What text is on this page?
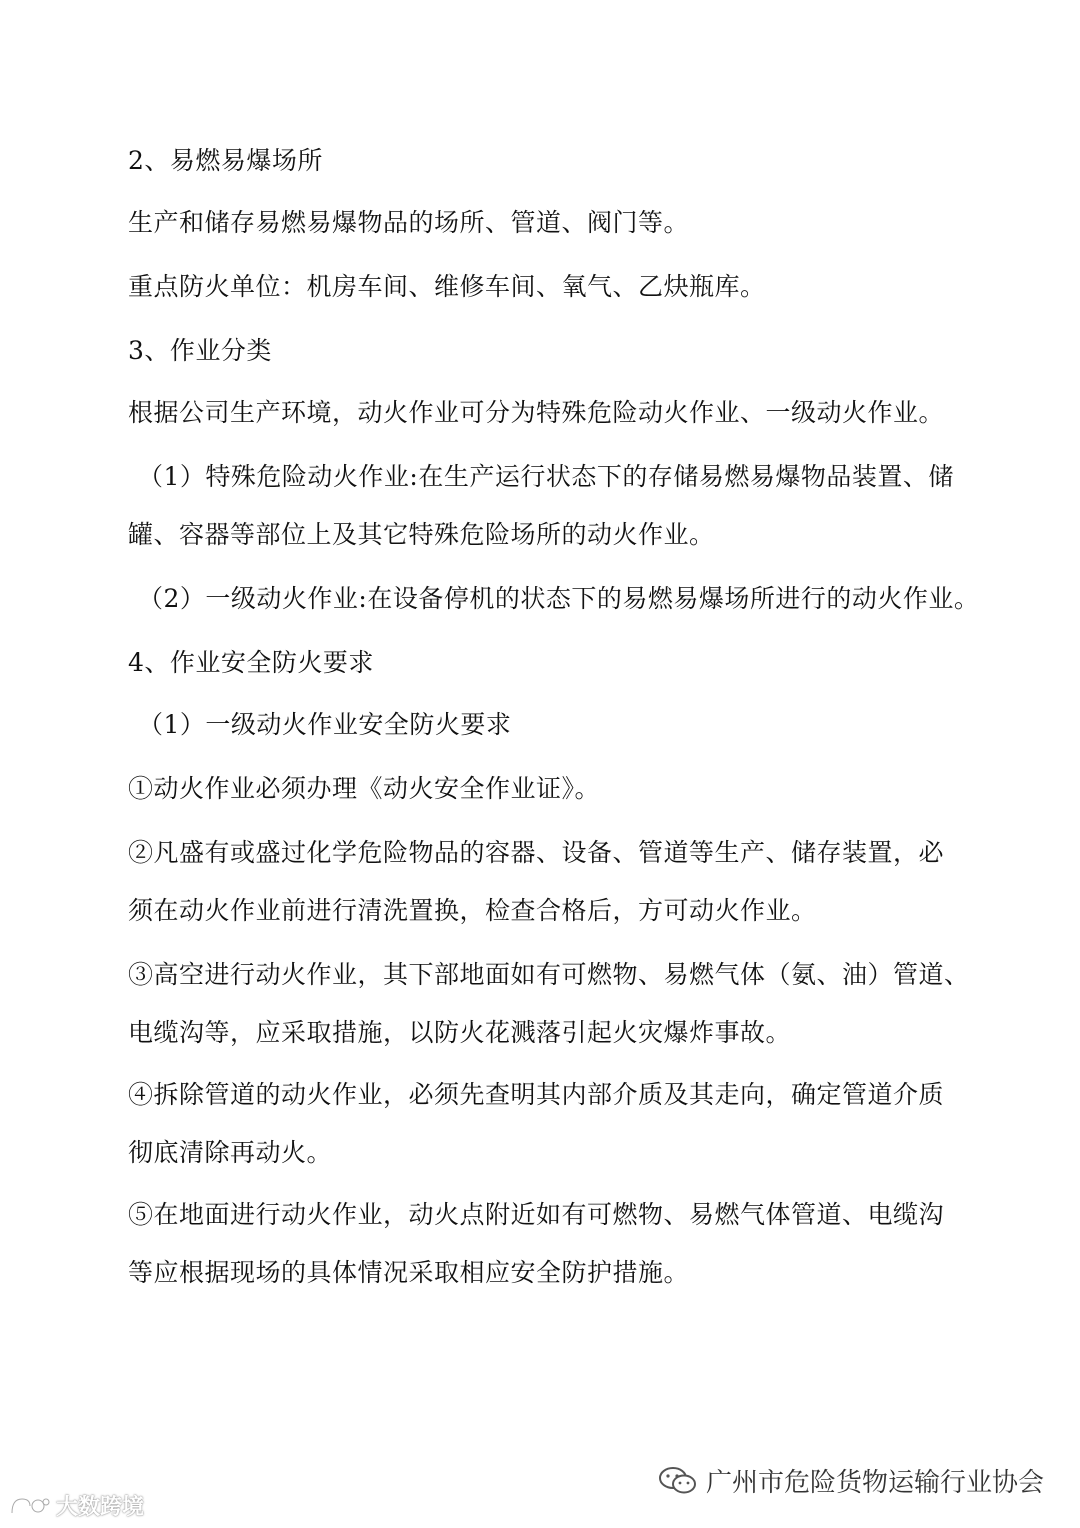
2、易燃易爆场所
生产和储存易燃易爆物品的场所、管道、阀门等。
重点防火单位：机房车间、维修车间、氧气、乙炔瓶库。
3、作业分类
根据公司生产环境，动火作业可分为特殊危险动火作业、一级动火作业。
（1）特殊危险动火作业:在生产运行状态下的存储易燃易爆物品装置、储
罐、容器等部位上及其它特殊危险场所的动火作业。
（2）一级动火作业:在设备停机的状态下的易燃易爆场所进行的动火作业。
4、作业安全防火要求
（1）一级动火作业安全防火要求
①动火作业必须办理《动火安全作业证》。
②凡盛有或盛过化学危险物品的容器、设备、管道等生产、储存装置，必
须在动火作业前进行清洗置换，检查合格后，方可动火作业。
③高空进行动火作业，其下部地面如有可燃物、易燃气体（氨、油）管道、
电缆沟等，应采取措施，以防火花溅落引起火灾爆炸事故。
④拆除管道的动火作业，必须先查明其内部介质及其走向，确定管道介质
彻底清除再动火。
⑤在地面进行动火作业，动火点附近如有可燃物、易燃气体管道、电缆沟
等应根据现场的具体情况采取相应安全防护措施。
广州市危险货物运输行业协会
大数跨境
